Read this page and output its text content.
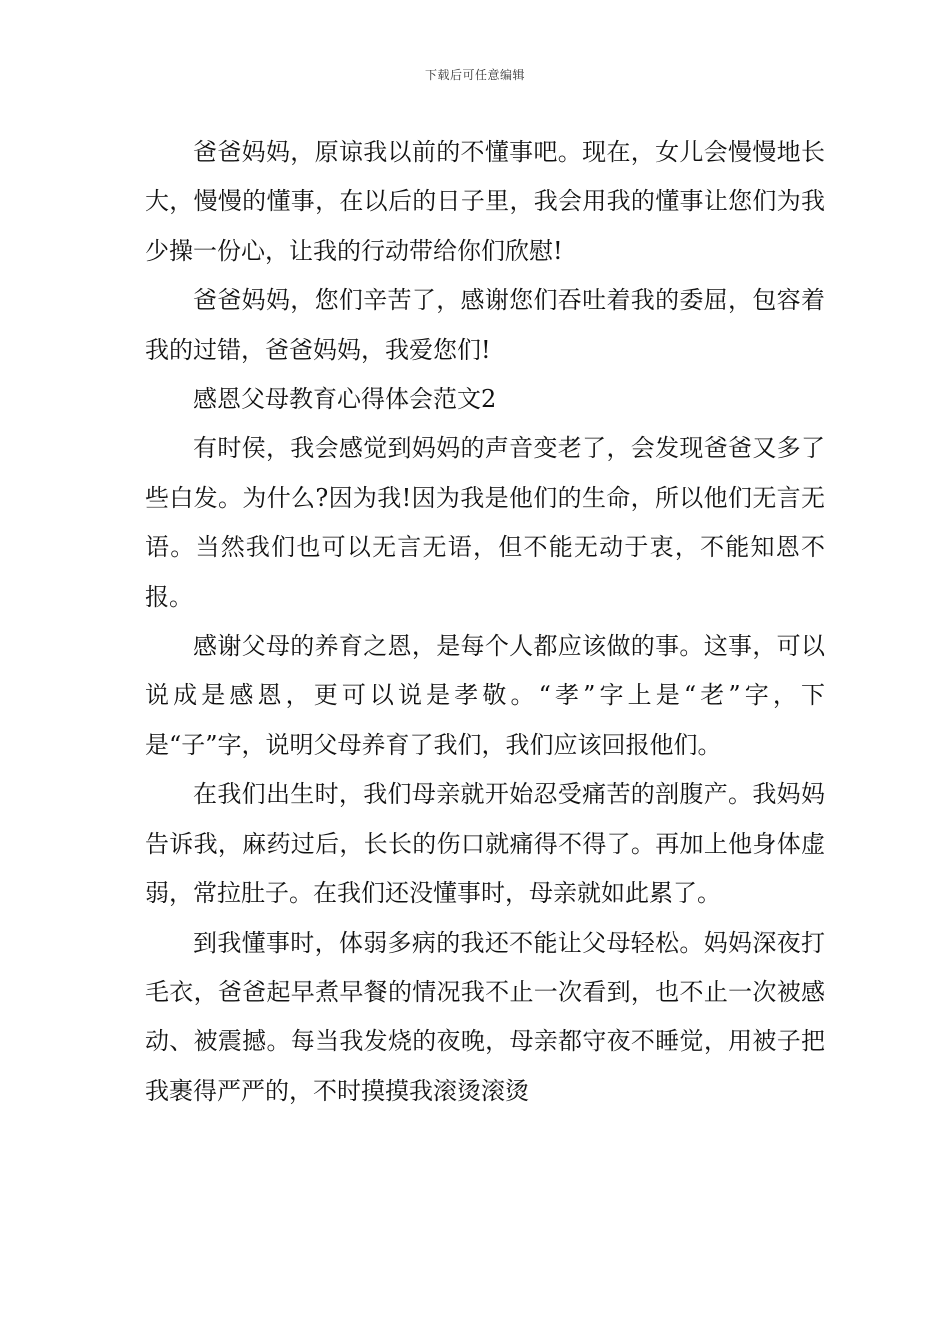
下载后可任意编辑

爸爸妈妈，原谅我以前的不懂事吧。现在，女儿会慢慢地长大，慢慢的懂事，在以后的日子里，我会用我的懂事让您们为我少操一份心，让我的行动带给你们欣慰!

爸爸妈妈，您们辛苦了，感谢您们吞吐着我的委屈，包容着我的过错，爸爸妈妈，我爱您们!

感恩父母教育心得体会范文2

有时侯，我会感觉到妈妈的声音变老了，会发现爸爸又多了些白发。为什么?因为我!因为我是他们的生命，所以他们无言无语。当然我们也可以无言无语，但不能无动于衷，不能知恩不报。

感谢父母的养育之恩，是每个人都应该做的事。这事，可以说成是感恩，更可以说是孝敬。“孝”字上是“老”字，下是“子”字，说明父母养育了我们，我们应该回报他们。

在我们出生时，我们母亲就开始忍受痛苦的剖腹产。我妈妈告诉我，麻药过后，长长的伤口就痛得不得了。再加上他身体虚弱，常拉肚子。在我们还没懂事时，母亲就如此累了。

到我懂事时，体弱多病的我还不能让父母轻松。妈妈深夜打毛衣，爸爸起早煮早餐的情况我不止一次看到，也不止一次被感动、被震撼。每当我发烧的夜晚，母亲都守夜不睡觉，用被子把我裹得严严的，不时摸摸我滚烫滚烫
